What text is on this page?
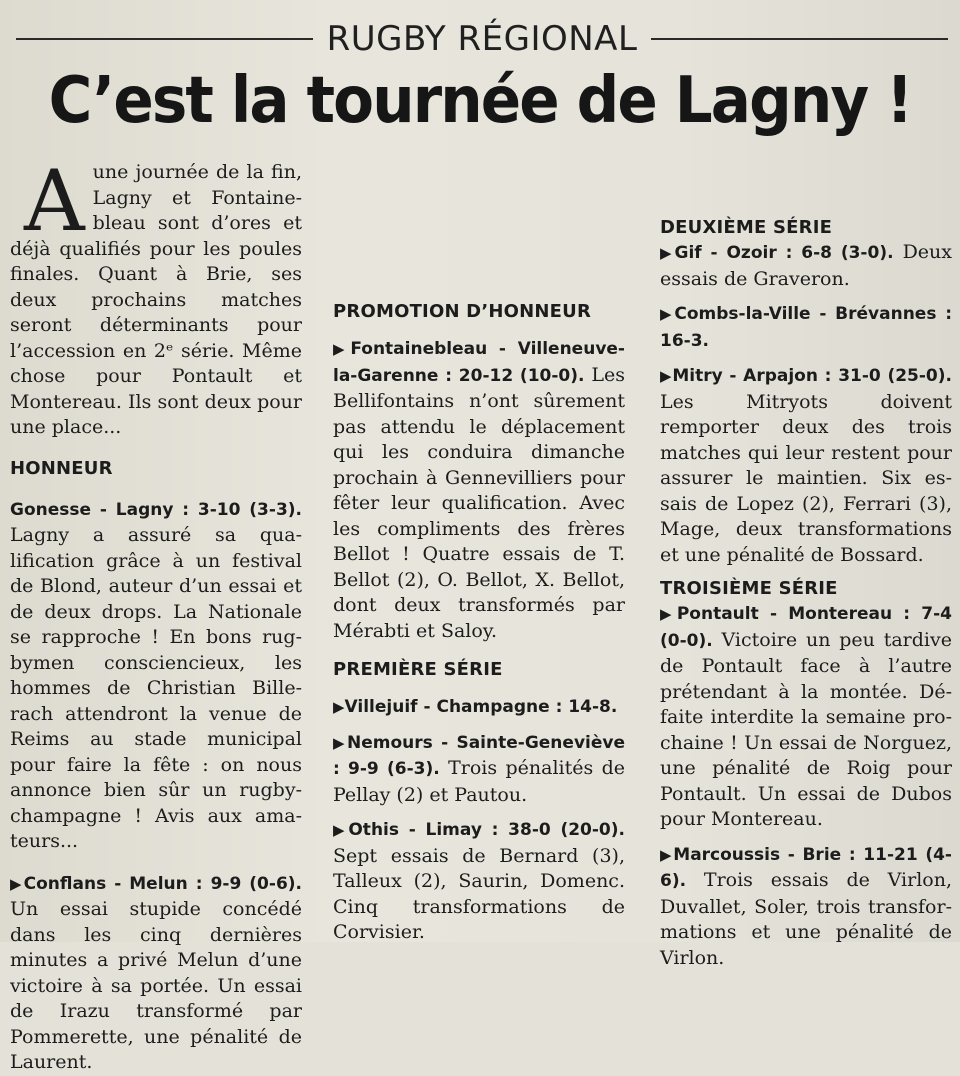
RUGBY RÉGIONAL
C’est la tournée de Lagny !

Aune journée de la fin, Lagny et Fontainebleau sont d’ores et déjà qualifiés pour les poules finales. Quant à Brie, ses deux prochains matches seront déterminants pour l’accession en 2ᵉ série. Même chose pour Pontault et Montereau. Ils sont deux pour une place...

HONNEUR

Gonesse - Lagny : 3-10 (3-3). Lagny a assuré sa qualification grâce à un festival de Blond, auteur d’un essai et de deux drops. La Nationale se rapproche ! En bons rugbymen consciencieux, les hommes de Christian Billerach attendront la venue de Reims au stade municipal pour faire la fête : on nous annonce bien sûr un rugby-champagne ! Avis aux amateurs...

▶Conflans - Melun : 9-9 (0-6). Un essai stupide concédé dans les cinq dernières minutes a privé Melun d’une victoire à sa portée. Un essai de Irazu transformé par Pommerette, une pénalité de Laurent.

PROMOTION D’HONNEUR

▶Fontainebleau - Villeneuve-la-Garenne : 20-12 (10-0). Les Bellifontains n’ont sûrement pas attendu le déplacement qui les conduira dimanche prochain à Gennevilliers pour fêter leur qualification. Avec les compliments des frères Bellot ! Quatre essais de T. Bellot (2), O. Bellot, X. Bellot, dont deux transformés par Mérabti et Saloy.

PREMIÈRE SÉRIE

▶Villejuif - Champagne : 14-8.

▶Nemours - Sainte-Geneviève : 9-9 (6-3). Trois pénalités de Pellay (2) et Pautou.

▶Othis - Limay : 38-0 (20-0). Sept essais de Bernard (3), Talleux (2), Saurin, Domenc. Cinq transformations de Corvisier.

DEUXIÈME SÉRIE

▶Gif - Ozoir : 6-8 (3-0). Deux essais de Graveron.

▶Combs-la-Ville - Brévannes : 16-3.

▶Mitry - Arpajon : 31-0 (25-0). Les Mitryots doivent remporter deux des trois matches qui leur restent pour assurer le maintien. Six essais de Lopez (2), Ferrari (3), Mage, deux transformations et une pénalité de Bossard.

TROISIÈME SÉRIE

▶Pontault - Montereau : 7-4 (0-0). Victoire un peu tardive de Pontault face à l’autre prétendant à la montée. Défaite interdite la semaine prochaine ! Un essai de Norguez, une pénalité de Roig pour Pontault. Un essai de Dubos pour Montereau.

▶Marcoussis - Brie : 11-21 (4-6). Trois essais de Virlon, Duvallet, Soler, trois transformations et une pénalité de Virlon.
